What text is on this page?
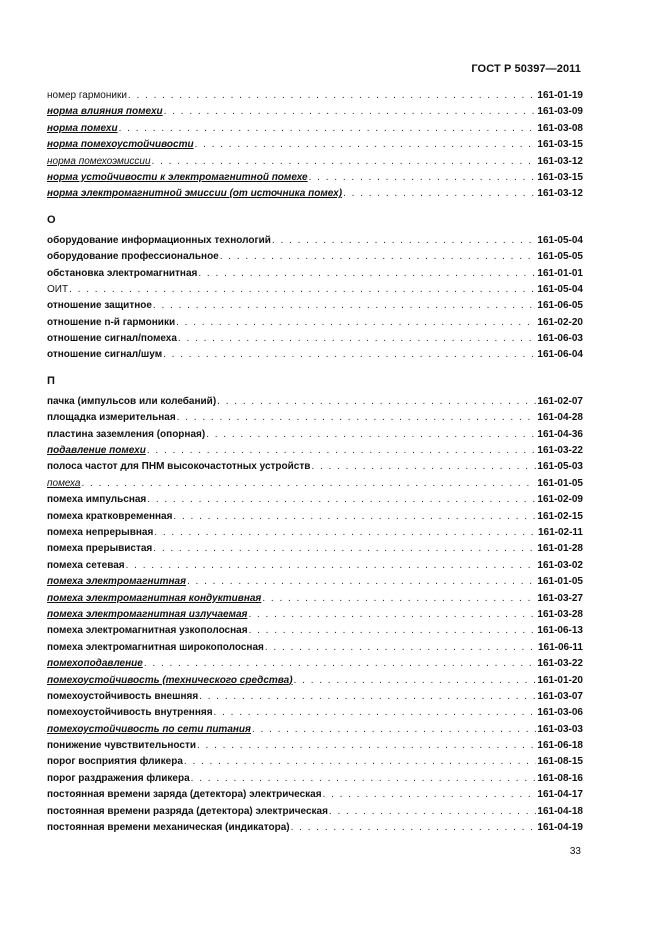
ГОСТ Р 50397—2011
номер гармоники . . .	161-01-19
норма влияния помехи . . .	161-03-09
норма помехи . . .	161-03-08
норма помехоустойчивости . . .	161-03-15
норма помехоэмиссии . . .	161-03-12
норма устойчивости к электромагнитной помехе . . .	161-03-15
норма электромагнитной эмиссии (от источника помех) . . .	161-03-12
О
оборудование информационных технологий . . .	161-05-04
оборудование профессиональное . . .	161-05-05
обстановка электромагнитная . . .	161-01-01
ОИТ . . .	161-05-04
отношение защитное . . .	161-06-05
отношение n-й гармоники . . .	161-02-20
отношение сигнал/помеха . . .	161-06-03
отношение сигнал/шум . . .	161-06-04
П
пачка (импульсов или колебаний) . . .	161-02-07
площадка измерительная . . .	161-04-28
пластина заземления (опорная) . . .	161-04-36
подавление помехи . . .	161-03-22
полоса частот для ПНМ высокочастотных устройств . . .	161-05-03
помеха . . .	161-01-05
помеха импульсная . . .	161-02-09
помеха кратковременная . . .	161-02-15
помеха непрерывная . . .	161-02-11
помеха прерывистая . . .	161-01-28
помеха сетевая . . .	161-03-02
помеха электромагнитная . . .	161-01-05
помеха электромагнитная кондуктивная . . .	161-03-27
помеха электромагнитная излучаемая . . .	161-03-28
помеха электромагнитная узкополосная . . .	161-06-13
помеха электромагнитная широкополосная . . .	161-06-11
помехоподавление . . .	161-03-22
помехоустойчивость (технического средства) . . .	161-01-20
помехоустойчивость внешняя . . .	161-03-07
помехоустойчивость внутренняя . . .	161-03-06
помехоустойчивость по сети питания . . .	161-03-03
понижение чувствительности . . .	161-06-18
порог восприятия фликера . . .	161-08-15
порог раздражения фликера . . .	161-08-16
постоянная времени заряда (детектора) электрическая . . .	161-04-17
постоянная времени разряда (детектора) электрическая . . .	161-04-18
постоянная времени механическая (индикатора) . . .	161-04-19
33
